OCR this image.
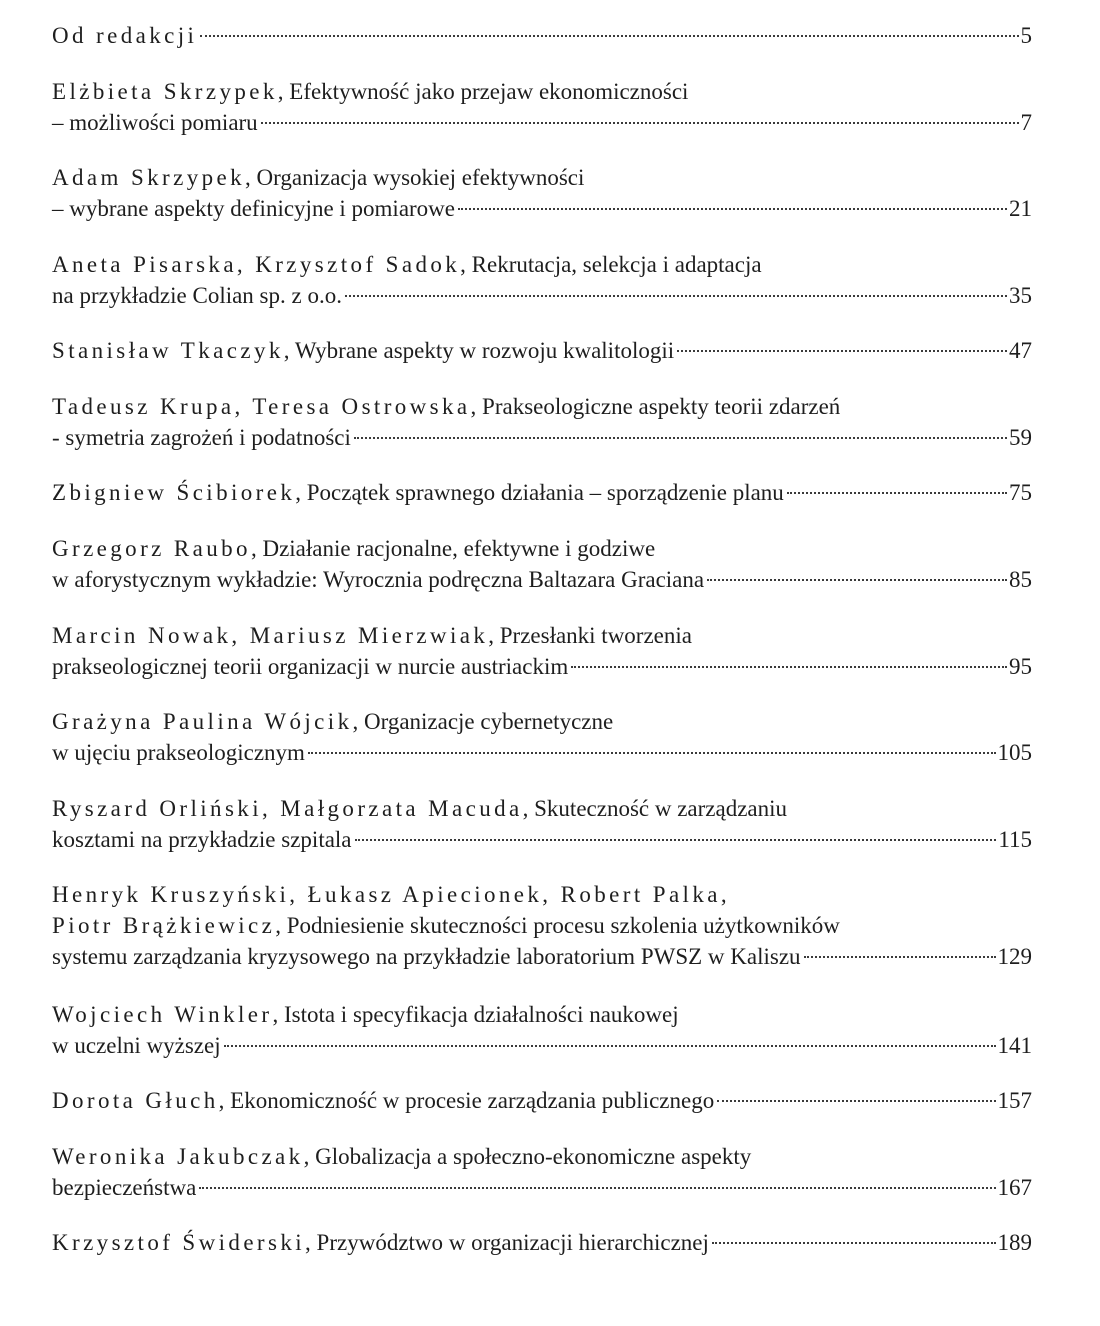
Od redakcji	5
Elżbieta Skrzypek , Efektywność jako przejaw ekonomiczności
– możliwości pomiaru	7
Adam Skrzypek , Organizacja wysokiej efektywności
– wybrane aspekty definicyjne i pomiarowe	21
Aneta Pisarska, Krzysztof Sadok , Rekrutacja, selekcja i adaptacja
na przykładzie Colian sp. z o.o.	35
Stanisław Tkaczyk , Wybrane aspekty w rozwoju kwalitologii	47
Tadeusz Krupa, Teresa Ostrowska , Prakseologiczne aspekty teorii zdarzeń
- symetria zagrożeń i podatności	59
Zbigniew Ścibiorek , Początek sprawnego działania – sporządzenie planu	75
Grzegorz Raubo , Działanie racjonalne, efektywne i godziwe
w aforystycznym wykładzie: Wyrocznia podręczna Baltazara Graciana	85
Marcin Nowak, Mariusz Mierzwiak , Przesłanki tworzenia
prakseologicznej teorii organizacji w nurcie austriackim	95
Grażyna Paulina Wójcik , Organizacje cybernetyczne
w ujęciu prakseologicznym	105
Ryszard Orliński, Małgorzata Macuda , Skuteczność w zarządzaniu
kosztami na przykładzie szpitala	115
Henryk Kruszyński, Łukasz Apiecionek, Robert Palka,
Piotr Brążkiewicz , Podniesienie skuteczności procesu szkolenia użytkowników
systemu zarządzania kryzysowego na przykładzie laboratorium PWSZ w Kaliszu	129
Wojciech Winkler , Istota i specyfikacja działalności naukowej
w uczelni wyższej	141
Dorota Głuch , Ekonomiczność w procesie zarządzania publicznego	157
Weronika Jakubczak , Globalizacja a społeczno-ekonomiczne aspekty
bezpieczeństwa	167
Krzysztof Świderski , Przywództwo w organizacji hierarchicznej	189
